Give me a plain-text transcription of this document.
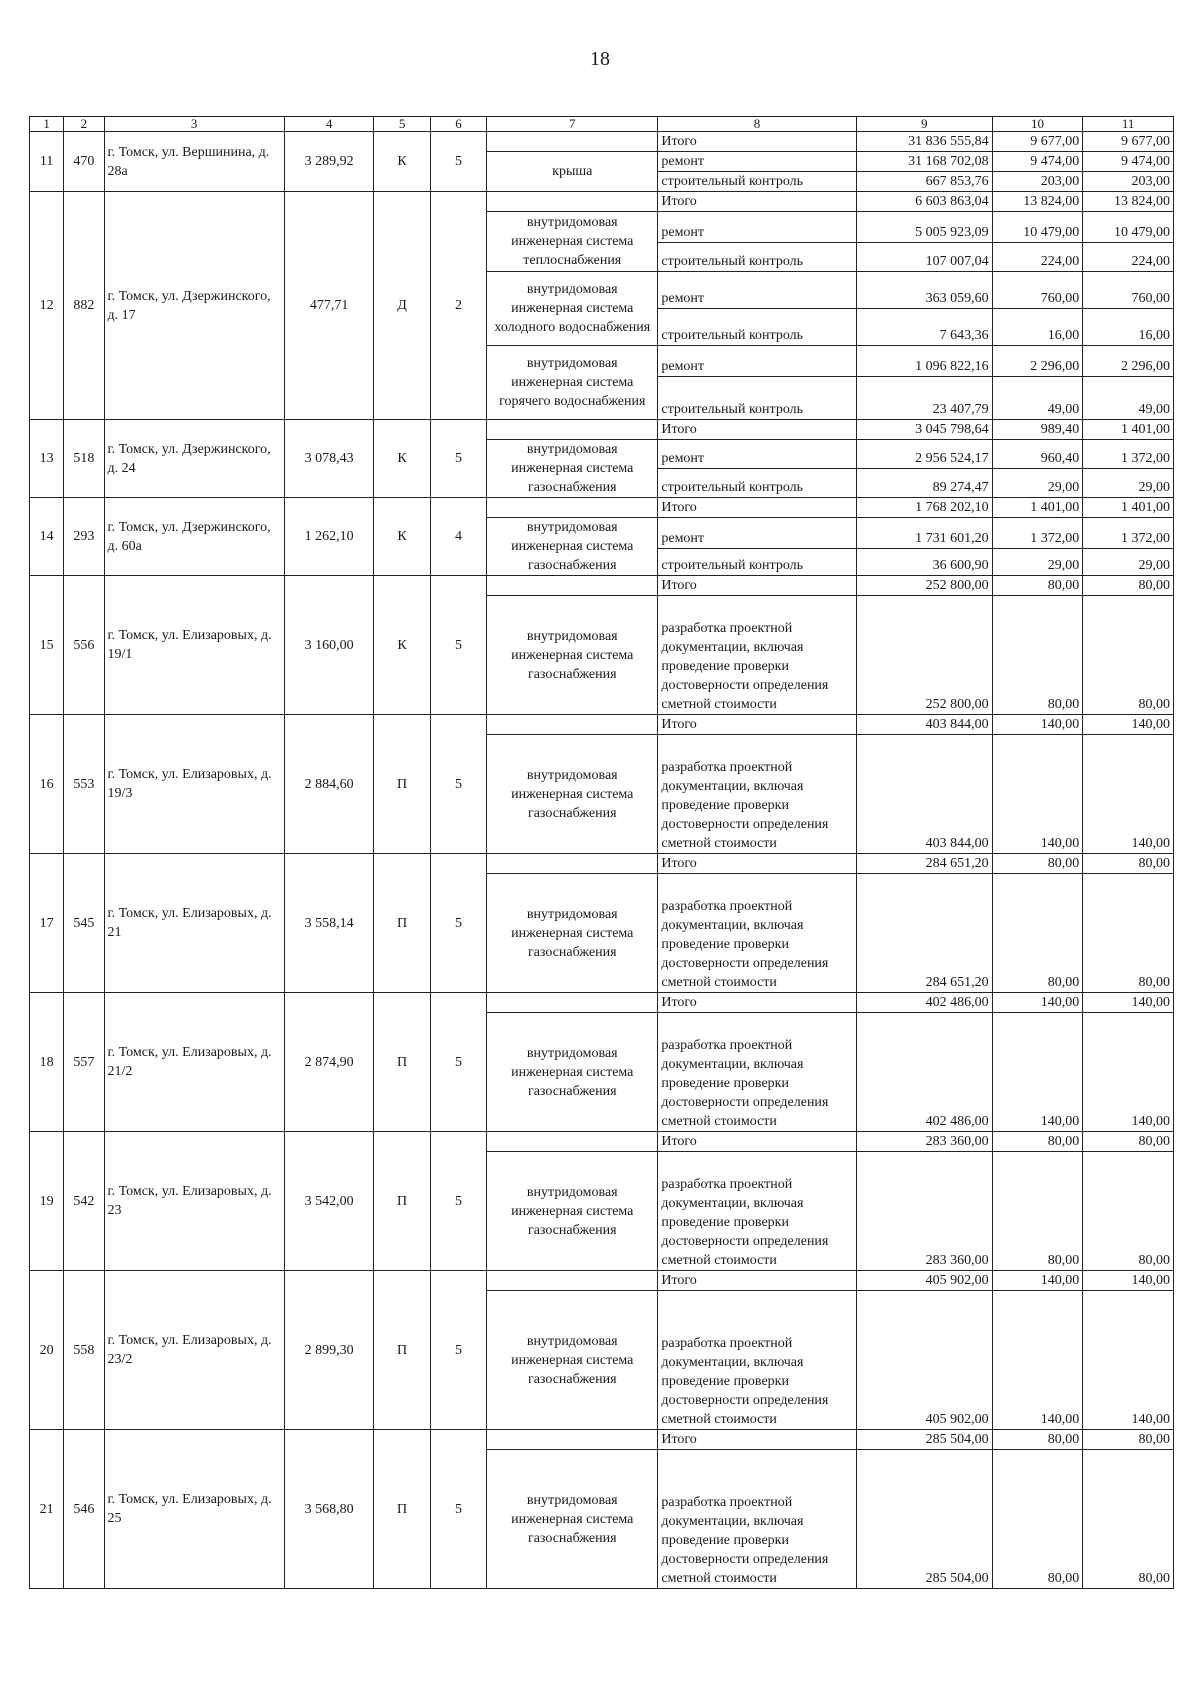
18
1	2	3	4	5	6	7	8	9	10	11
11	470	г. Томск, ул. Вершинина, д. 28а	3 289,92	К	5		Итого	31 836 555,84	9 677,00	9 677,00
						крыша	ремонт	31 168 702,08	9 474,00	9 474,00
							строительный контроль	667 853,76	203,00	203,00
12	882	г. Томск, ул. Дзержинского, д. 17	477,71	Д	2		Итого	6 603 863,04	13 824,00	13 824,00
						внутридомовая инженерная система теплоснабжения	ремонт	5 005 923,09	10 479,00	10 479,00
							строительный контроль	107 007,04	224,00	224,00
						внутридомовая инженерная система холодного водоснабжения	ремонт	363 059,60	760,00	760,00
							строительный контроль	7 643,36	16,00	16,00
						внутридомовая инженерная система горячего водоснабжения	ремонт	1 096 822,16	2 296,00	2 296,00
							строительный контроль	23 407,79	49,00	49,00
13	518	г. Томск, ул. Дзержинского, д. 24	3 078,43	К	5		Итого	3 045 798,64	989,40	1 401,00
						внутридомовая инженерная система газоснабжения	ремонт	2 956 524,17	960,40	1 372,00
							строительный контроль	89 274,47	29,00	29,00
14	293	г. Томск, ул. Дзержинского, д. 60а	1 262,10	К	4		Итого	1 768 202,10	1 401,00	1 401,00
						внутридомовая инженерная система газоснабжения	ремонт	1 731 601,20	1 372,00	1 372,00
							строительный контроль	36 600,90	29,00	29,00
15	556	г. Томск, ул. Елизаровых, д. 19/1	3 160,00	К	5		Итого	252 800,00	80,00	80,00
						внутридомовая инженерная система газоснабжения	разработка проектной документации, включая проведение проверки достоверности определения сметной стоимости	252 800,00	80,00	80,00
16	553	г. Томск, ул. Елизаровых, д. 19/3	2 884,60	П	5		Итого	403 844,00	140,00	140,00
						внутридомовая инженерная система газоснабжения	разработка проектной документации, включая проведение проверки достоверности определения сметной стоимости	403 844,00	140,00	140,00
17	545	г. Томск, ул. Елизаровых, д. 21	3 558,14	П	5		Итого	284 651,20	80,00	80,00
						внутридомовая инженерная система газоснабжения	разработка проектной документации, включая проведение проверки достоверности определения сметной стоимости	284 651,20	80,00	80,00
18	557	г. Томск, ул. Елизаровых, д. 21/2	2 874,90	П	5		Итого	402 486,00	140,00	140,00
						внутридомовая инженерная система газоснабжения	разработка проектной документации, включая проведение проверки достоверности определения сметной стоимости	402 486,00	140,00	140,00
19	542	г. Томск, ул. Елизаровых, д. 23	3 542,00	П	5		Итого	283 360,00	80,00	80,00
						внутридомовая инженерная система газоснабжения	разработка проектной документации, включая проведение проверки достоверности определения сметной стоимости	283 360,00	80,00	80,00
20	558	г. Томск, ул. Елизаровых, д. 23/2	2 899,30	П	5		Итого	405 902,00	140,00	140,00
						внутридомовая инженерная система газоснабжения	разработка проектной документации, включая проведение проверки достоверности определения сметной стоимости	405 902,00	140,00	140,00
21	546	г. Томск, ул. Елизаровых, д. 25	3 568,80	П	5		Итого	285 504,00	80,00	80,00
						внутридомовая инженерная система газоснабжения	разработка проектной документации, включая проведение проверки достоверности определения сметной стоимости	285 504,00	80,00	80,00
